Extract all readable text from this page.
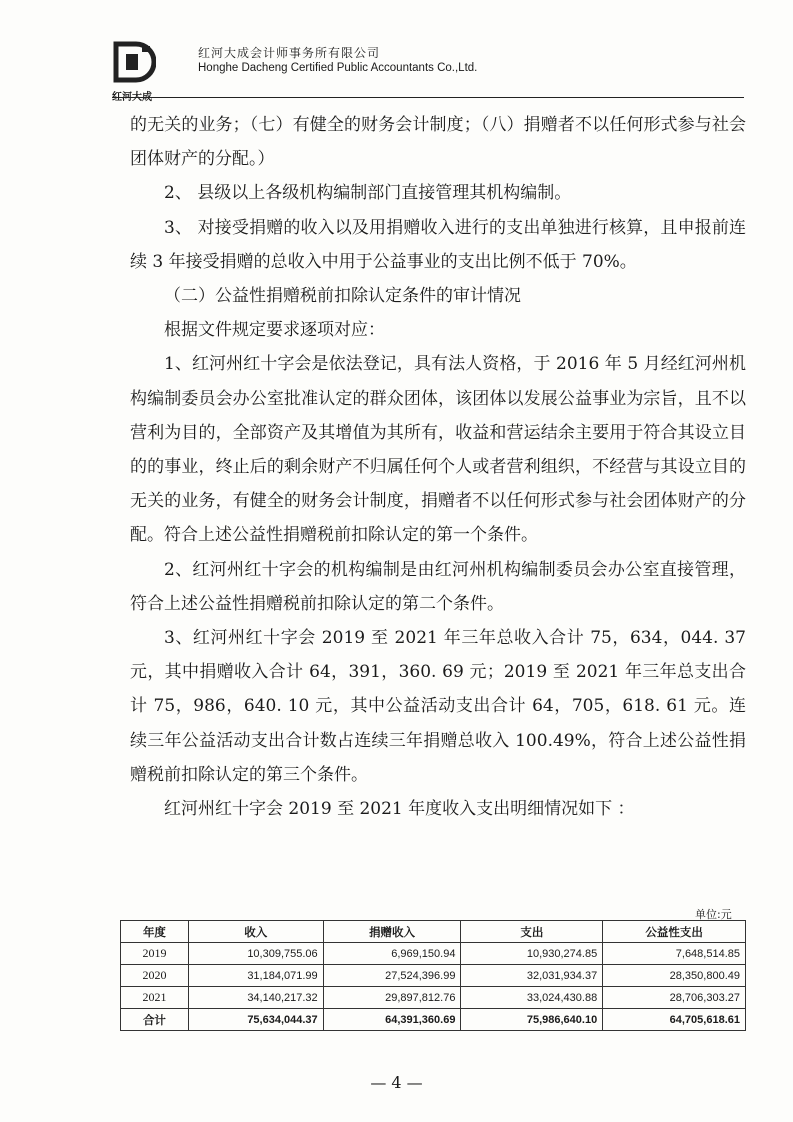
红河大成
红河大成会计师事务所有限公司
Honghe Dacheng Certified Public Accountants Co.,Ltd.

的无关的业务；（七）有健全的财务会计制度；（八）捐赠者不以任何形式参与社会团体财产的分配。）

2、 县级以上各级机构编制部门直接管理其机构编制。

3、 对接受捐赠的收入以及用捐赠收入进行的支出单独进行核算，且申报前连续 3 年接受捐赠的总收入中用于公益事业的支出比例不低于 70%。

（二）公益性捐赠税前扣除认定条件的审计情况

根据文件规定要求逐项对应：

1、红河州红十字会是依法登记，具有法人资格，于 2016 年 5 月经红河州机构编制委员会办公室批准认定的群众团体，该团体以发展公益事业为宗旨，且不以营利为目的，全部资产及其增值为其所有，收益和营运结余主要用于符合其设立目的的事业，终止后的剩余财产不归属任何个人或者营利组织，不经营与其设立目的无关的业务，有健全的财务会计制度，捐赠者不以任何形式参与社会团体财产的分配。符合上述公益性捐赠税前扣除认定的第一个条件。

2、红河州红十字会的机构编制是由红河州机构编制委员会办公室直接管理，符合上述公益性捐赠税前扣除认定的第二个条件。

3、红河州红十字会 2019 至 2021 年三年总收入合计 75，634，044. 37 元，其中捐赠收入合计 64，391，360. 69 元；2019 至 2021 年三年总支出合计 75，986，640. 10 元，其中公益活动支出合计 64，705，618. 61 元。连续三年公益活动支出合计数占连续三年捐赠总收入 100.49%，符合上述公益性捐赠税前扣除认定的第三个条件。

红河州红十字会 2019 至 2021 年度收入支出明细情况如下 ：

单位:元
年度	收入	捐赠收入	支出	公益性支出
2019	10,309,755.06	6,969,150.94	10,930,274.85	7,648,514.85
2020	31,184,071.99	27,524,396.99	32,031,934.37	28,350,800.49
2021	34,140,217.32	29,897,812.76	33,024,430.88	28,706,303.27
合计	75,634,044.37	64,391,360.69	75,986,640.10	64,705,618.61
— 4 —
